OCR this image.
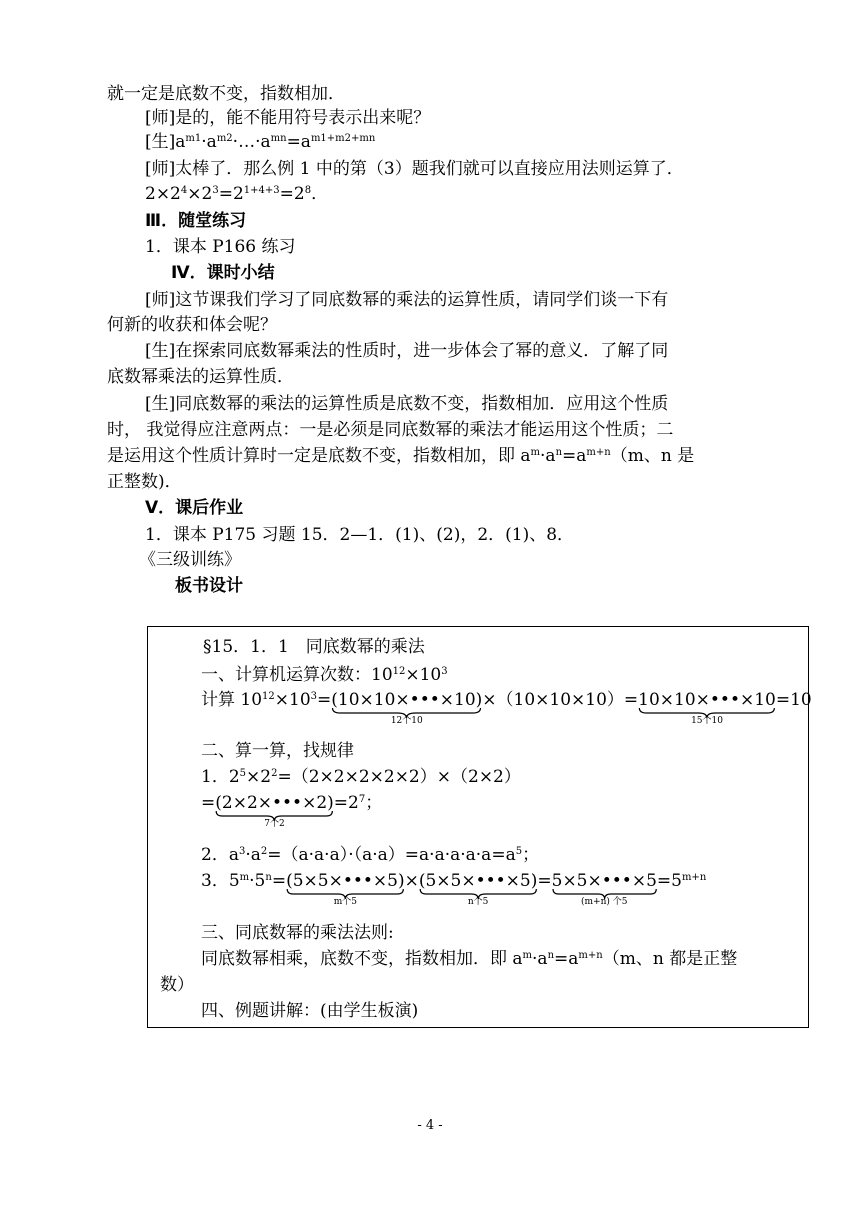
就一定是底数不变，指数相加．
[师]是的，能不能用符号表示出来呢？
[生]$a^{m1}\cdot a^{m2}\cdot\dots\cdot a^{mn}=a^{m1+m2+mn}$
[师]太棒了．那么例 1 中的第（3）题我们就可以直接应用法则运算了．
$2\times 2^4\times 2^3=2^{1+4+3}=2^8$．
Ⅲ．随堂练习
1．课本 P166 练习
Ⅳ．课时小结
[师]这节课我们学习了同底数幂的乘法的运算性质，请同学们谈一下有
何新的收获和体会呢？
[生]在探索同底数幂乘法的性质时，进一步体会了幂的意义．了解了同
底数幂乘法的运算性质．
[生]同底数幂的乘法的运算性质是底数不变，指数相加．应用这个性质
时， 我觉得应注意两点：一是必须是同底数幂的乘法才能运用这个性质；二
是运用这个性质计算时一定是底数不变，指数相加，即 $a^m\cdot a^n=a^{m+n}(m$、n 是
正整数)．
Ⅴ．课后作业
1．课本 P175 习题 15．2—1．(1)、(2)，2．(1)、8．
《三级训练》
板书设计
§15．1．1　同底数幂的乘法
一、计算机运算次数：$10^{12}\times 10^3$
计算 $10^{12}\times 10^3=(10\times 10\times•••\times 10)$
12个10
×（10×10×10）=10×10×•••×10
15个10
=10
二、算一算，找规律
1．$2^5\times 2^2=(2\times 2\times 2\times 2\times 2)\times(2\times 2)$
=(2×2×•••×2)
7个2
$=2^7$；
2．$a^3\cdot a^2=(a\cdot a\cdot a)\cdot(a\cdot a)=a\cdot a\cdot a\cdot a\cdot a=a^5$；
3．$5^m\cdot 5^n=(5\times 5\times•••\times 5)$
m个5
×(5×5×•••×5)
n个5
=5×5×•••×5
(m+n) 个5
$=5^{m+n}$
三、同底数幂的乘法法则:
同底数幂相乘，底数不变，指数相加．即 $a^m\cdot a^n=a^{m+n}(m$、n 都是正整
数）
四、例题讲解：(由学生板演)
- 4 -
